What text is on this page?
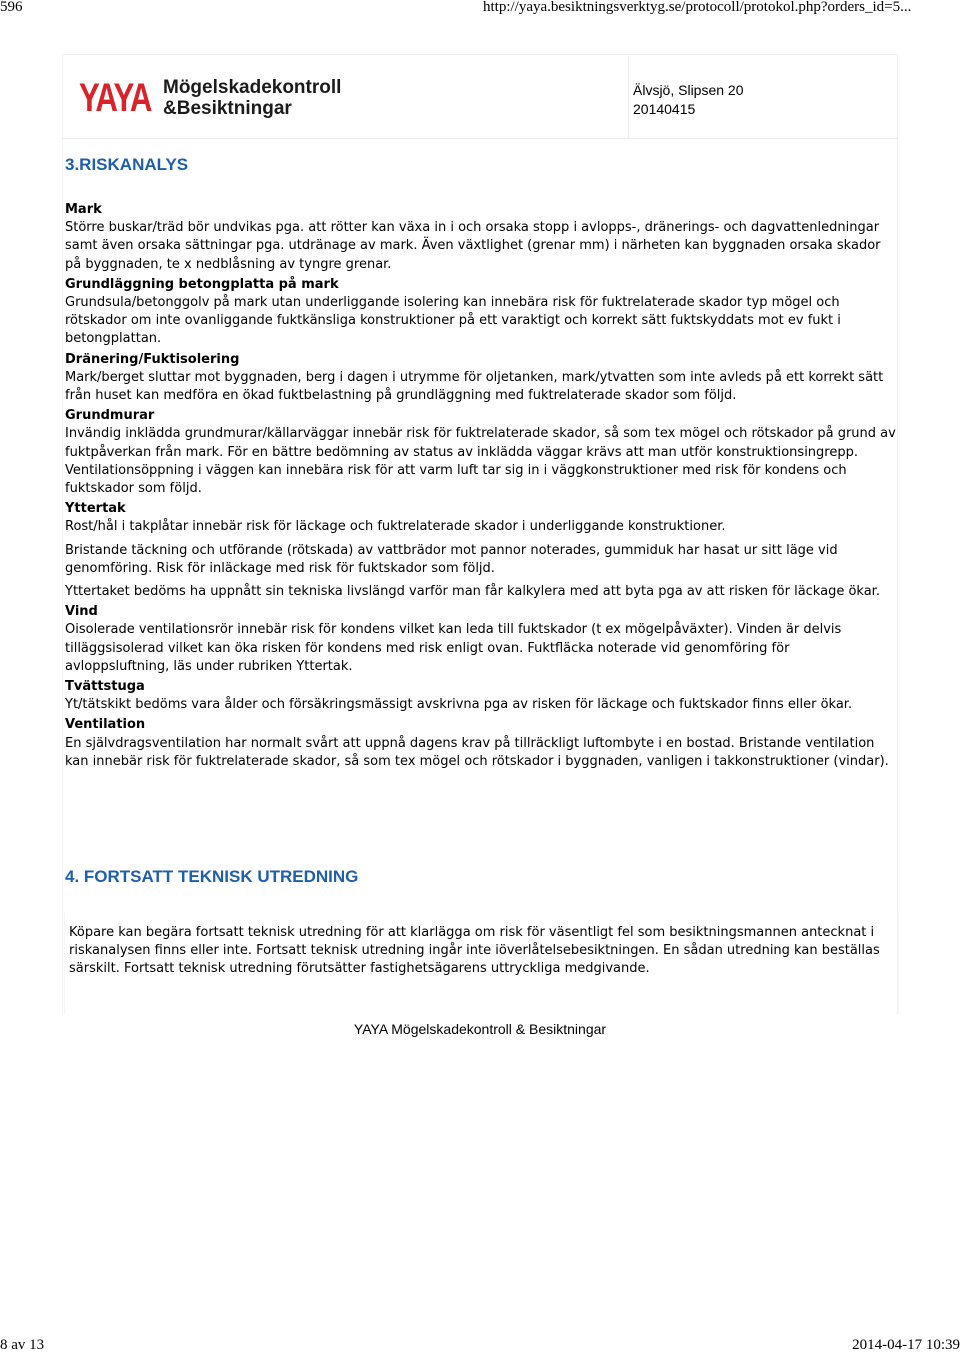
596	http://yaya.besiktningsverktyg.se/protocoll/protokol.php?orders_id=5...
YAYA Mögelskadekontroll
&Besiktningar
Älvsjö, Slipsen 20
20140415
3.RISKANALYS
Mark

Större buskar/träd bör undvikas pga. att rötter kan växa in i och orsaka stopp i avlopps-, dränerings- och dagvattenledningar samt även orsaka sättningar pga. utdränage av mark. Även växtlighet (grenar mm) i närheten kan byggnaden orsaka skador på byggnaden, te x nedblåsning av tyngre grenar.

Grundläggning betongplatta på mark

Grundsula/betonggolv på mark utan underliggande isolering kan innebära risk för fuktrelaterade skador typ mögel och rötskador om inte ovanliggande fuktkänsliga konstruktioner på ett varaktigt och korrekt sätt fuktskyddats mot ev fukt i betongplattan.

Dränering/Fuktisolering

Mark/berget sluttar mot byggnaden, berg i dagen i utrymme för oljetanken, mark/ytvatten som inte avleds på ett korrekt sätt från huset kan medföra en ökad fuktbelastning på grundläggning med fuktrelaterade skador som följd.

Grundmurar

Invändig inklädda grundmurar/källarväggar innebär risk för fuktrelaterade skador, så som tex mögel och rötskador på grund av fuktpåverkan från mark. För en bättre bedömning av status av inklädda väggar krävs att man utför konstruktionsingrepp. Ventilationsöppning i väggen kan innebära risk för att varm luft tar sig in i väggkonstruktioner med risk för kondens och fuktskador som följd.

Yttertak

Rost/hål i takplåtar innebär risk för läckage och fuktrelaterade skador i underliggande konstruktioner.

Bristande täckning och utförande (rötskada) av vattbrädor mot pannor noterades, gummiduk har hasat ur sitt läge vid genomföring. Risk för inläckage med risk för fuktskador som följd.

Yttertaket bedöms ha uppnått sin tekniska livslängd varför man får kalkylera med att byta pga av att risken för läckage ökar.

Vind

Oisolerade ventilationsrör innebär risk för kondens vilket kan leda till fuktskador (t ex mögelpåväxter). Vinden är delvis tilläggsisolerad vilket kan öka risken för kondens med risk enligt ovan. Fuktfläcka noterade vid genomföring för avloppsluftning, läs under rubriken Yttertak.

Tvättstuga

Yt/tätskikt bedöms vara ålder och försäkringsmässigt avskrivna pga av risken för läckage och fuktskador finns eller ökar.

Ventilation

En självdragsventilation har normalt svårt att uppnå dagens krav på tillräckligt luftombyte i en bostad. Bristande ventilation kan innebär risk för fuktrelaterade skador, så som tex mögel och rötskador i byggnaden, vanligen i takkonstruktioner (vindar).

4. FORTSATT TEKNISK UTREDNING

Köpare kan begära fortsatt teknisk utredning för att klarlägga om risk för väsentligt fel som besiktningsmannen antecknat i riskanalysen finns eller inte. Fortsatt teknisk utredning ingår inte iöverlåtelsebesiktningen. En sådan utredning kan beställas särskilt. Fortsatt teknisk utredning förutsätter fastighetsägarens uttryckliga medgivande.

YAYA Mögelskadekontroll & Besiktningar
8 av 13	2014-04-17 10:39
